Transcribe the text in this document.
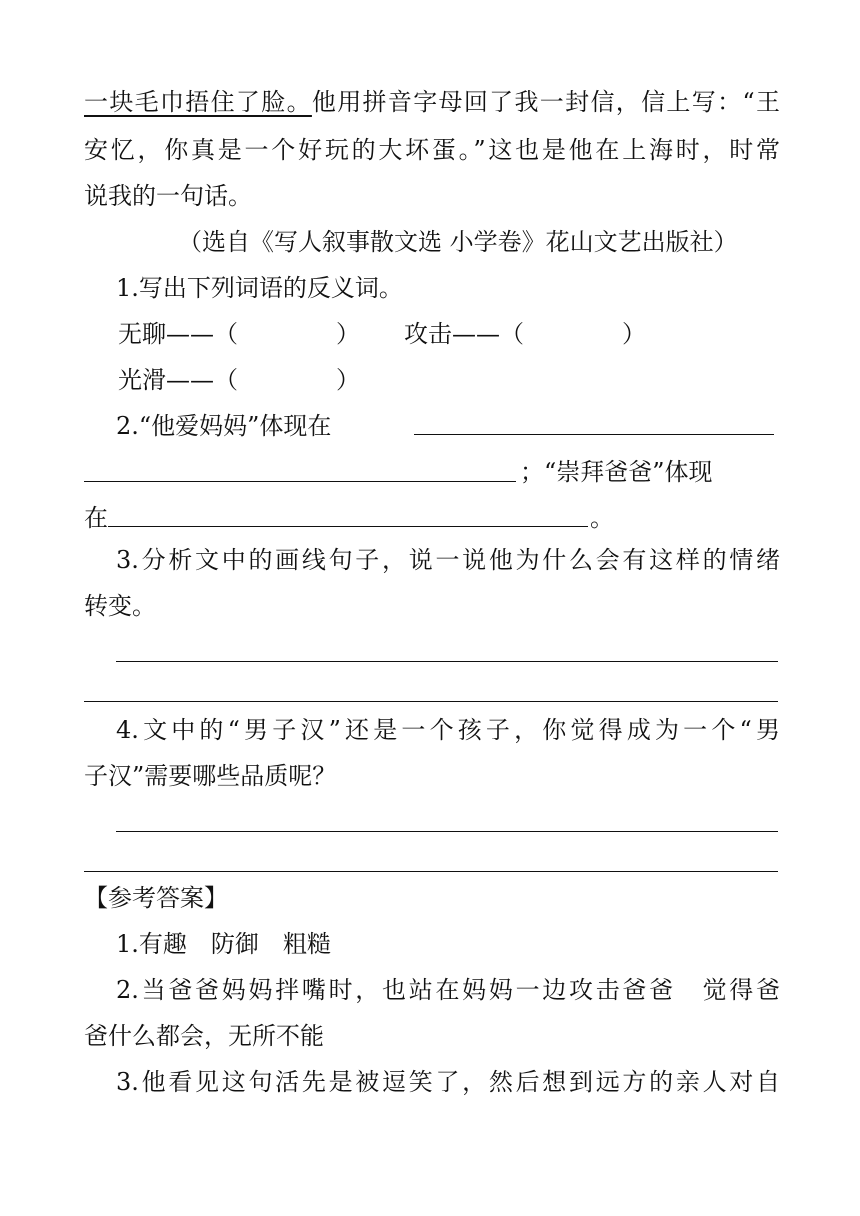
一块毛巾捂住了脸。他用拼音字母回了我一封信，信上写：“王
安忆，你真是一个好玩的大坏蛋。”这也是他在上海时，时常
说我的一句话。
（选自《写人叙事散文选 小学卷》花山文艺出版社）
1.写出下列词语的反义词。
无聊——（	） 攻击——（	）
光滑——（	）
2.“他爱妈妈”体现在
；“崇拜爸爸”体现
在	。
3.分析文中的画线句子，说一说他为什么会有这样的情绪
转变。
4.文中的“男子汉”还是一个孩子，你觉得成为一个“男
子汉”需要哪些品质呢？
【参考答案】
1.有趣　防御　粗糙
2.当爸爸妈妈拌嘴时，也站在妈妈一边攻击爸爸　觉得爸
爸什么都会，无所不能
3.他看见这句活先是被逗笑了，然后想到远方的亲人对自
